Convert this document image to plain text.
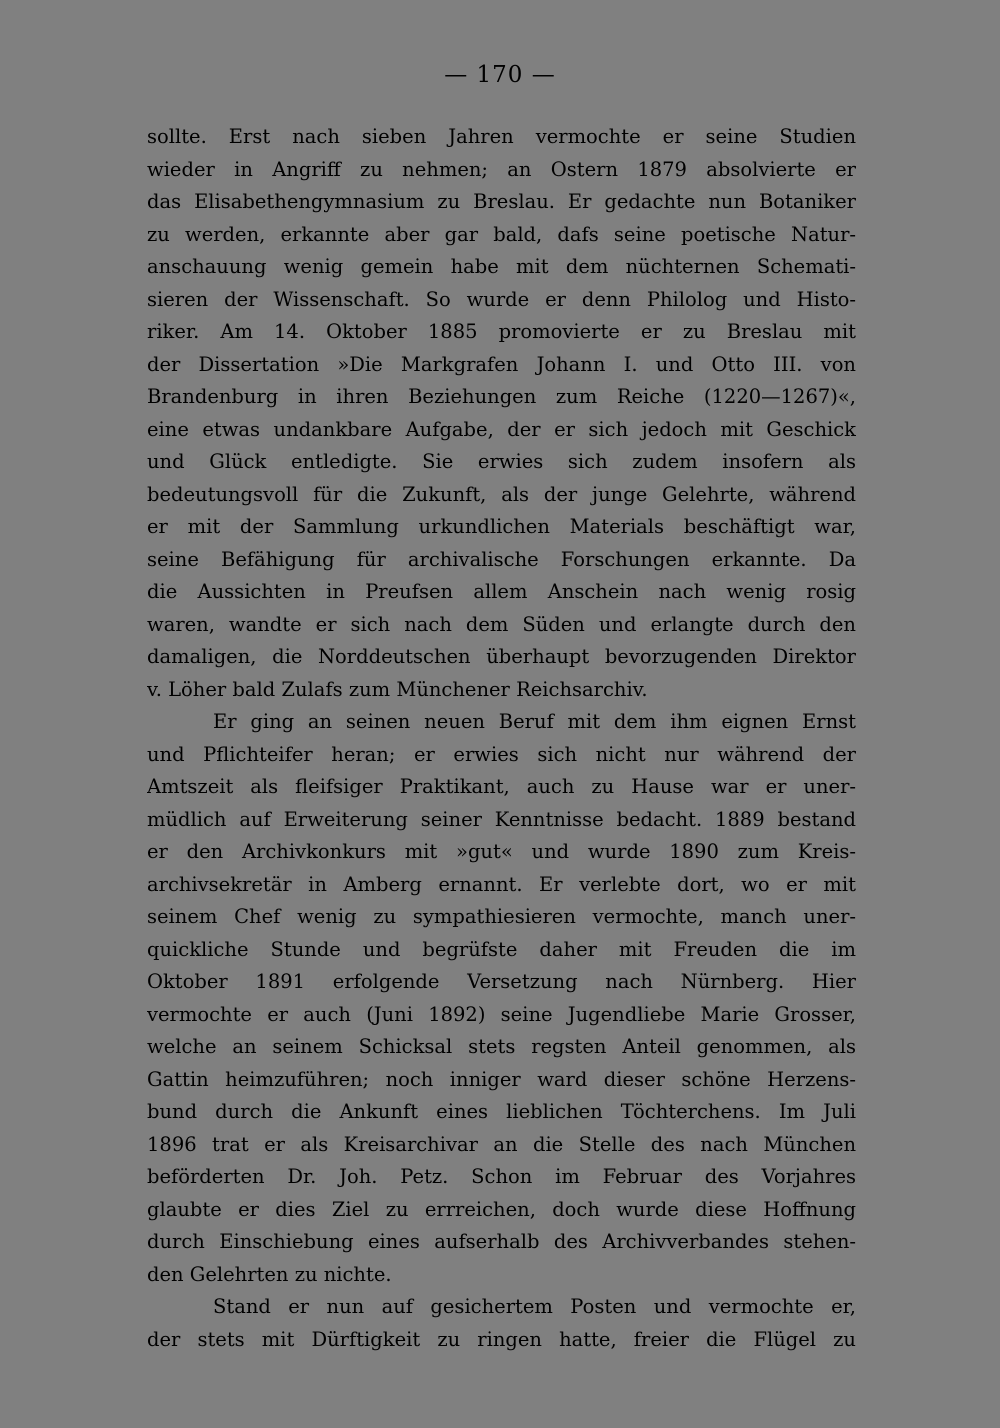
— 170 —
sollte. Erst nach sieben Jahren vermochte er seine Studien
wieder in Angriff zu nehmen; an Ostern 1879 absolvierte er
das Elisabethengymnasium zu Breslau. Er gedachte nun Botaniker
zu werden, erkannte aber gar bald, dafs seine poetische Natur-
anschauung wenig gemein habe mit dem nüchternen Schemati-
sieren der Wissenschaft. So wurde er denn Philolog und Histo-
riker. Am 14. Oktober 1885 promovierte er zu Breslau mit
der Dissertation »Die Markgrafen Johann I. und Otto III. von
Brandenburg in ihren Beziehungen zum Reiche (1220—1267)«,
eine etwas undankbare Aufgabe, der er sich jedoch mit Geschick
und Glück entledigte. Sie erwies sich zudem insofern als
bedeutungsvoll für die Zukunft, als der junge Gelehrte, während
er mit der Sammlung urkundlichen Materials beschäftigt war,
seine Befähigung für archivalische Forschungen erkannte. Da
die Aussichten in Preufsen allem Anschein nach wenig rosig
waren, wandte er sich nach dem Süden und erlangte durch den
damaligen, die Norddeutschen überhaupt bevorzugenden Direktor
v. Löher bald Zulafs zum Münchener Reichsarchiv.
Er ging an seinen neuen Beruf mit dem ihm eignen Ernst
und Pflichteifer heran; er erwies sich nicht nur während der
Amtszeit als fleifsiger Praktikant, auch zu Hause war er uner-
müdlich auf Erweiterung seiner Kenntnisse bedacht. 1889 bestand
er den Archivkonkurs mit »gut« und wurde 1890 zum Kreis-
archivsekretär in Amberg ernannt. Er verlebte dort, wo er mit
seinem Chef wenig zu sympathiesieren vermochte, manch uner-
quickliche Stunde und begrüfste daher mit Freuden die im
Oktober 1891 erfolgende Versetzung nach Nürnberg. Hier
vermochte er auch (Juni 1892) seine Jugendliebe Marie Grosser,
welche an seinem Schicksal stets regsten Anteil genommen, als
Gattin heimzuführen; noch inniger ward dieser schöne Herzens-
bund durch die Ankunft eines lieblichen Töchterchens. Im Juli
1896 trat er als Kreisarchivar an die Stelle des nach München
beförderten Dr. Joh. Petz. Schon im Februar des Vorjahres
glaubte er dies Ziel zu errreichen, doch wurde diese Hoffnung
durch Einschiebung eines aufserhalb des Archivverbandes stehen-
den Gelehrten zu nichte.
Stand er nun auf gesichertem Posten und vermochte er,
der stets mit Dürftigkeit zu ringen hatte, freier die Flügel zu
